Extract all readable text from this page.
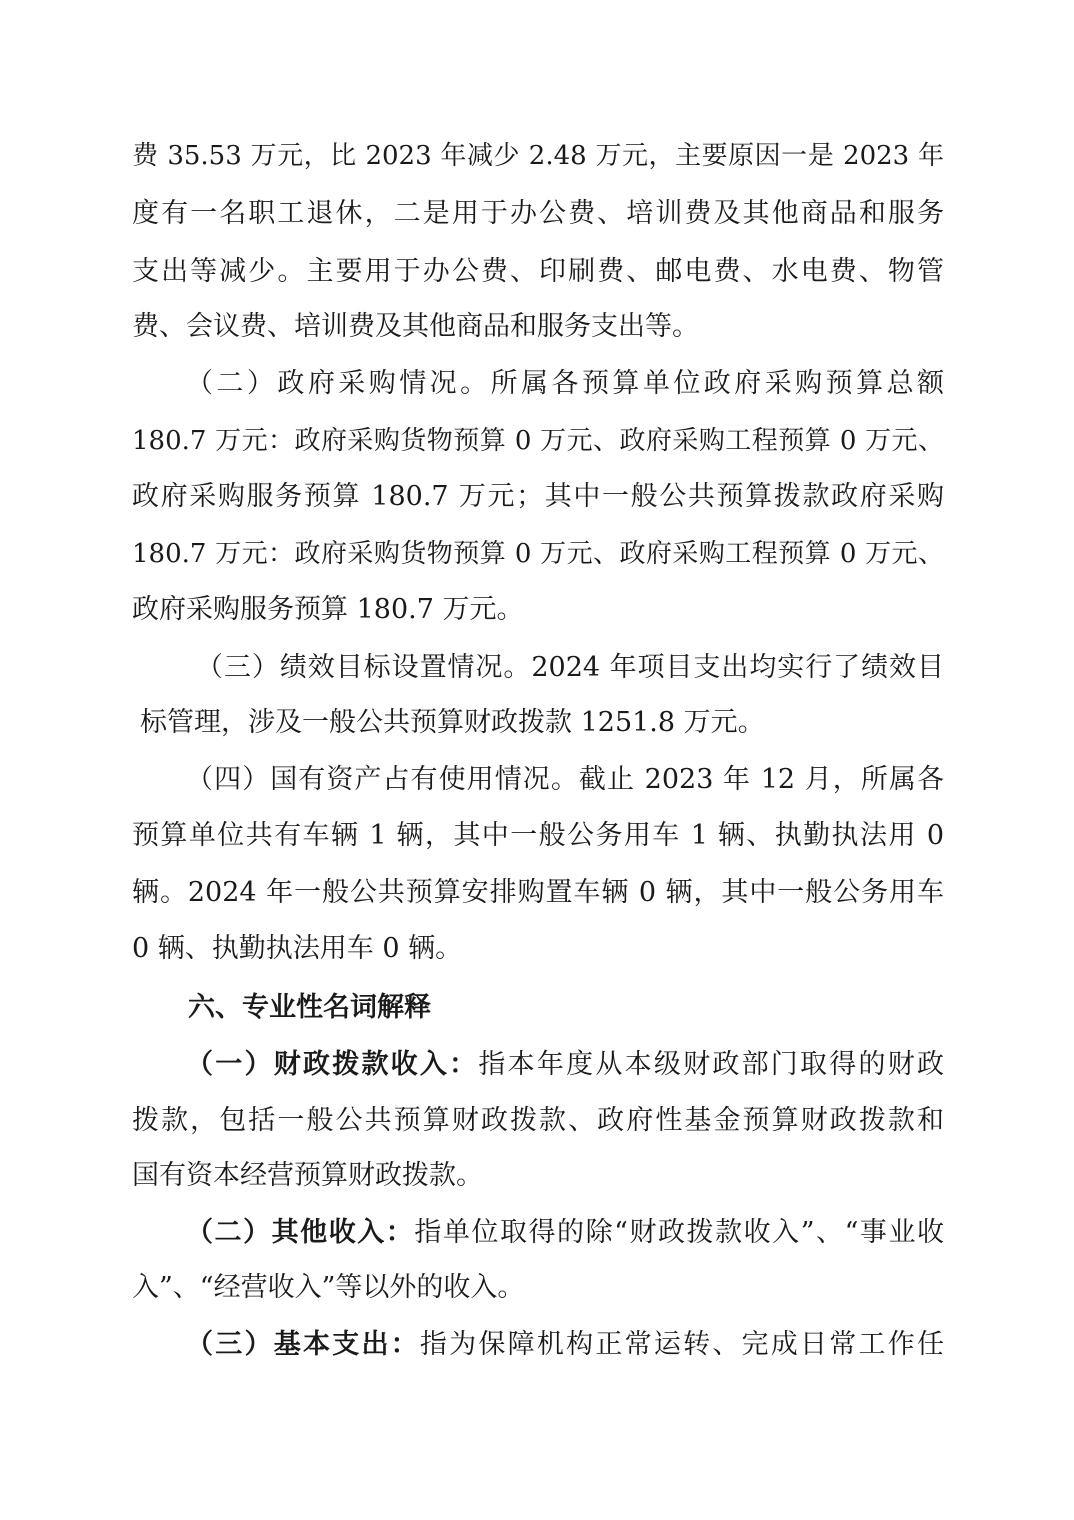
费 35.53 万元，比 2023 年减少 2.48 万元，主要原因一是 2023 年
度有一名职工退休，二是用于办公费、培训费及其他商品和服务
支出等减少。主要用于办公费、印刷费、邮电费、水电费、物管
费、会议费、培训费及其他商品和服务支出等。
（二）政府采购情况。所属各预算单位政府采购预算总额
180.7 万元：政府采购货物预算 0 万元、政府采购工程预算 0 万元、
政府采购服务预算 180.7 万元；其中一般公共预算拨款政府采购
180.7 万元：政府采购货物预算 0 万元、政府采购工程预算 0 万元、
政府采购服务预算 180.7 万元。
（三）绩效目标设置情况。2024 年项目支出均实行了绩效目
标管理，涉及一般公共预算财政拨款 1251.8 万元。
（四）国有资产占有使用情况。截止 2023 年 12 月，所属各
预算单位共有车辆 1 辆，其中一般公务用车 1 辆、执勤执法用 0
辆。2024 年一般公共预算安排购置车辆 0 辆，其中一般公务用车
0 辆、执勤执法用车 0 辆。
六、专业性名词解释
（一）财政拨款收入：指本年度从本级财政部门取得的财政
拨款，包括一般公共预算财政拨款、政府性基金预算财政拨款和
国有资本经营预算财政拨款。
（二）其他收入：指单位取得的除“财政拨款收入”、“事业收
入”、“经营收入”等以外的收入。
（三）基本支出：指为保障机构正常运转、完成日常工作任
